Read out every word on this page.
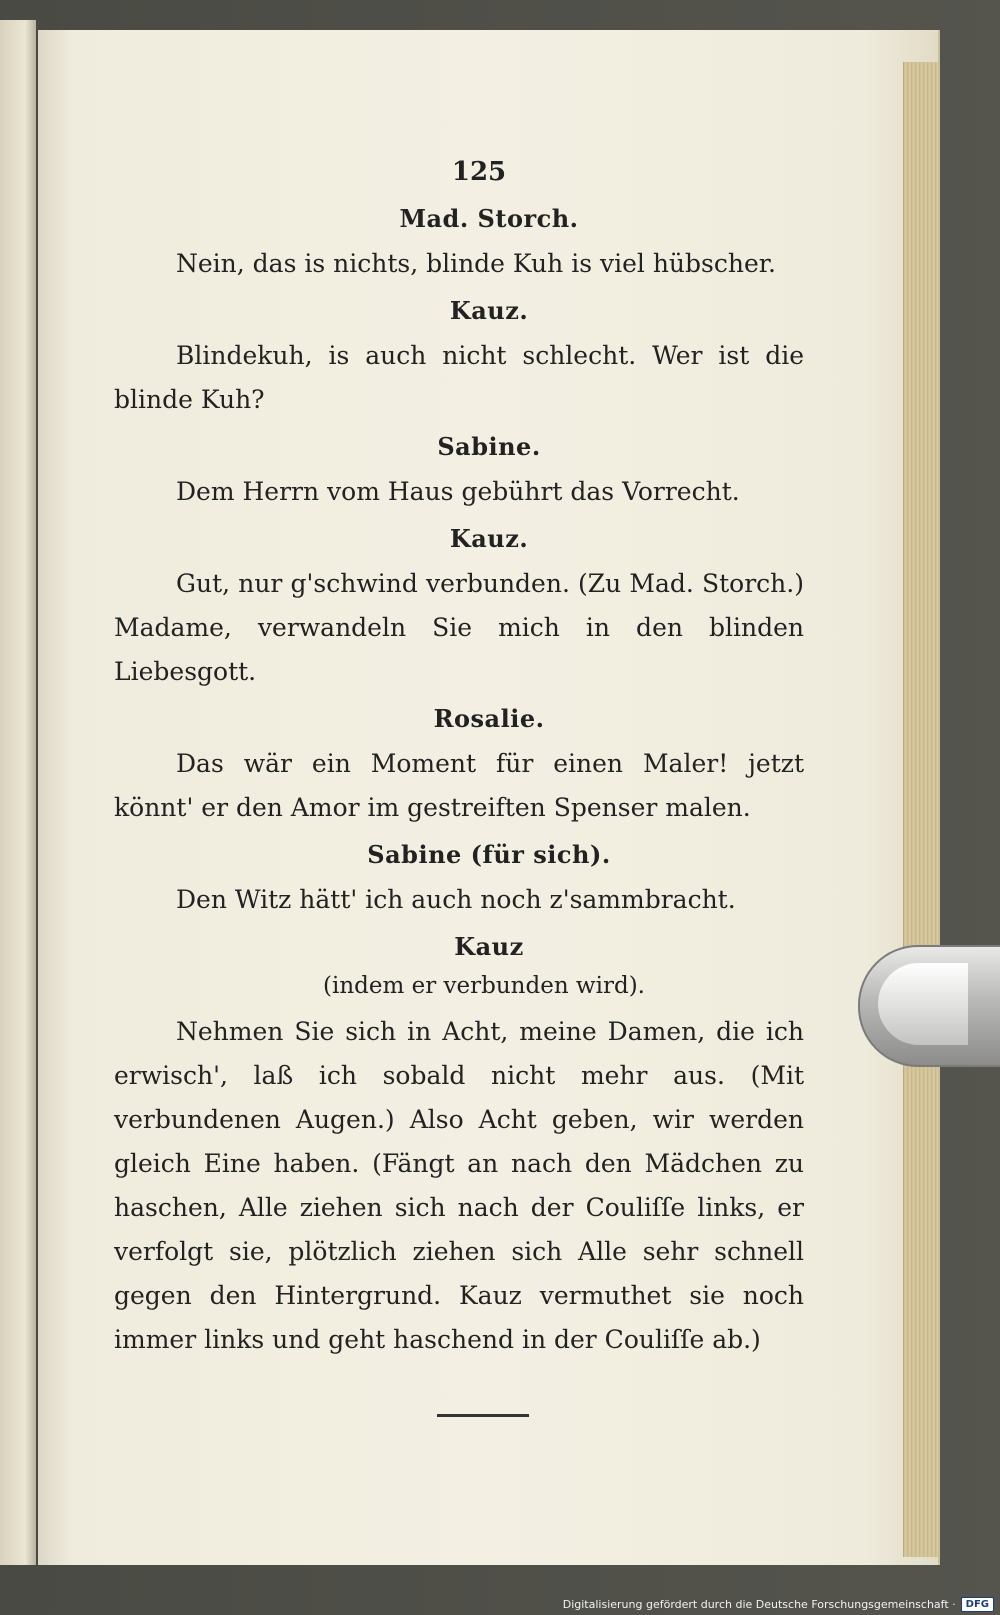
125
Mad. Storch.
Nein, das is nichts, blinde Kuh is viel hübscher.
Kauz.
Blindekuh, is auch nicht schlecht. Wer ist die blinde Kuh?
Sabine.
Dem Herrn vom Haus gebührt das Vorrecht.
Kauz.
Gut, nur g'schwind verbunden. (Zu Mad. Storch.) Madame, verwandeln Sie mich in den blinden Liebesgott.
Rosalie.
Das wär ein Moment für einen Maler! jetzt könnt' er den Amor im gestreiften Spenser malen.
Sabine (für sich).
Den Witz hätt' ich auch noch z'sammbracht.
Kauz
(indem er verbunden wird).
Nehmen Sie sich in Acht, meine Damen, die ich erwisch', laß ich sobald nicht mehr aus. (Mit verbundenen Augen.) Also Acht geben, wir werden gleich Eine haben. (Fängt an nach den Mädchen zu haschen, Alle ziehen sich nach der Couliſſe links, er verfolgt sie, plötzlich ziehen sich Alle sehr schnell gegen den Hintergrund. Kauz vermuthet sie noch immer links und geht haschend in der Couliſſe ab.)
Digitalisierung gefördert durch die Deutsche Forschungsgemeinschaft ·	DFG
